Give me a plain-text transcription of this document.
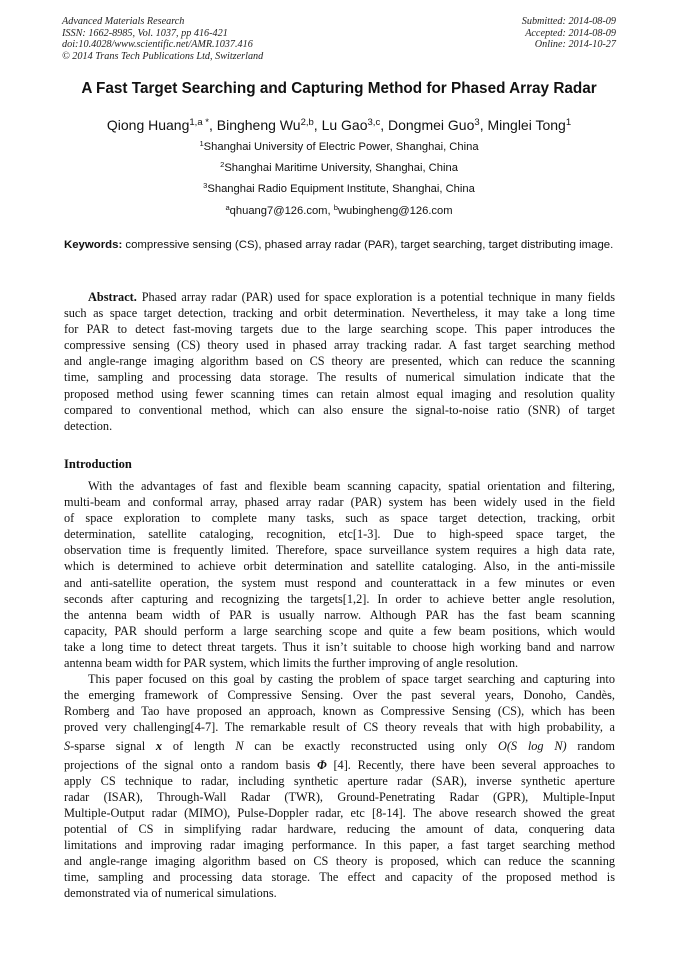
Advanced Materials Research
ISSN: 1662-8985, Vol. 1037, pp 416-421
doi:10.4028/www.scientific.net/AMR.1037.416
© 2014 Trans Tech Publications Ltd, Switzerland
Submitted: 2014-08-09
Accepted: 2014-08-09
Online: 2014-10-27
A Fast Target Searching and Capturing Method for Phased Array Radar
Qiong Huang$^{1,a *}$, Bingheng Wu$^{2,b}$, Lu Gao$^{3,c}$, Dongmei Guo$^3$, Minglei Tong$^1$
$^1$Shanghai University of Electric Power, Shanghai, China
$^2$Shanghai Maritime University, Shanghai, China
$^3$Shanghai Radio Equipment Institute, Shanghai, China
$^a$qhuang7@126.com, $^b$wubingheng@126.com
Keywords: compressive sensing (CS), phased array radar (PAR), target searching, target distributing image.
Abstract. Phased array radar (PAR) used for space exploration is a potential technique in many fields
such as space target detection, tracking and orbit determination. Nevertheless, it may take a long time
for PAR to detect fast-moving targets due to the large searching scope. This paper introduces the
compressive sensing (CS) theory used in phased array tracking radar. A fast target searching method
and angle-range imaging algorithm based on CS theory are presented, which can reduce the scanning
time, sampling and processing data storage. The results of numerical simulation indicate that the
proposed method using fewer scanning times can retain almost equal imaging and resolution quality
compared to conventional method, which can also ensure the signal-to-noise ratio (SNR) of target
detection.
Introduction
With the advantages of fast and flexible beam scanning capacity, spatial orientation and filtering,
multi-beam and conformal array, phased array radar (PAR) system has been widely used in the field
of space exploration to complete many tasks, such as space target detection, tracking, orbit
determination, satellite cataloging, recognition, etc[1-3]. Due to high-speed space target, the
observation time is frequently limited. Therefore, space surveillance system requires a high data rate,
which is determined to achieve orbit determination and satellite cataloging. Also, in the anti-missile
and anti-satellite operation, the system must respond and counterattack in a few minutes or even
seconds after capturing and recognizing the targets[1,2]. In order to achieve better angle resolution,
the antenna beam width of PAR is usually narrow. Although PAR has the fast beam scanning
capacity, PAR should perform a large searching scope and quite a few beam positions, which would
take a long time to detect threat targets. Thus it isn’t suitable to choose high working band and narrow
antenna beam width for PAR system, which limits the further improving of angle resolution.
This paper focused on this goal by casting the problem of space target searching and capturing into
the emerging framework of Compressive Sensing. Over the past several years, Donoho, Candès,
Romberg and Tao have proposed an approach, known as Compressive Sensing (CS), which has been
proved very challenging[4-7]. The remarkable result of CS theory reveals that with high probability, a
S-sparse signal x of length N can be exactly reconstructed using only O(S log N) random
projections of the signal onto a random basis Φ [4]. Recently, there have been several approaches to
apply CS technique to radar, including synthetic aperture radar (SAR), inverse synthetic aperture
radar (ISAR), Through-Wall Radar (TWR), Ground-Penetrating Radar (GPR), Multiple-Input
Multiple-Output radar (MIMO), Pulse-Doppler radar, etc [8-14]. The above research showed the great
potential of CS in simplifying radar hardware, reducing the amount of data, conquering data
limitations and improving radar imaging performance. In this paper, a fast target searching method
and angle-range imaging algorithm based on CS theory is proposed, which can reduce the scanning
time, sampling and processing data storage. The effect and capacity of the proposed method is
demonstrated via of numerical simulations.
